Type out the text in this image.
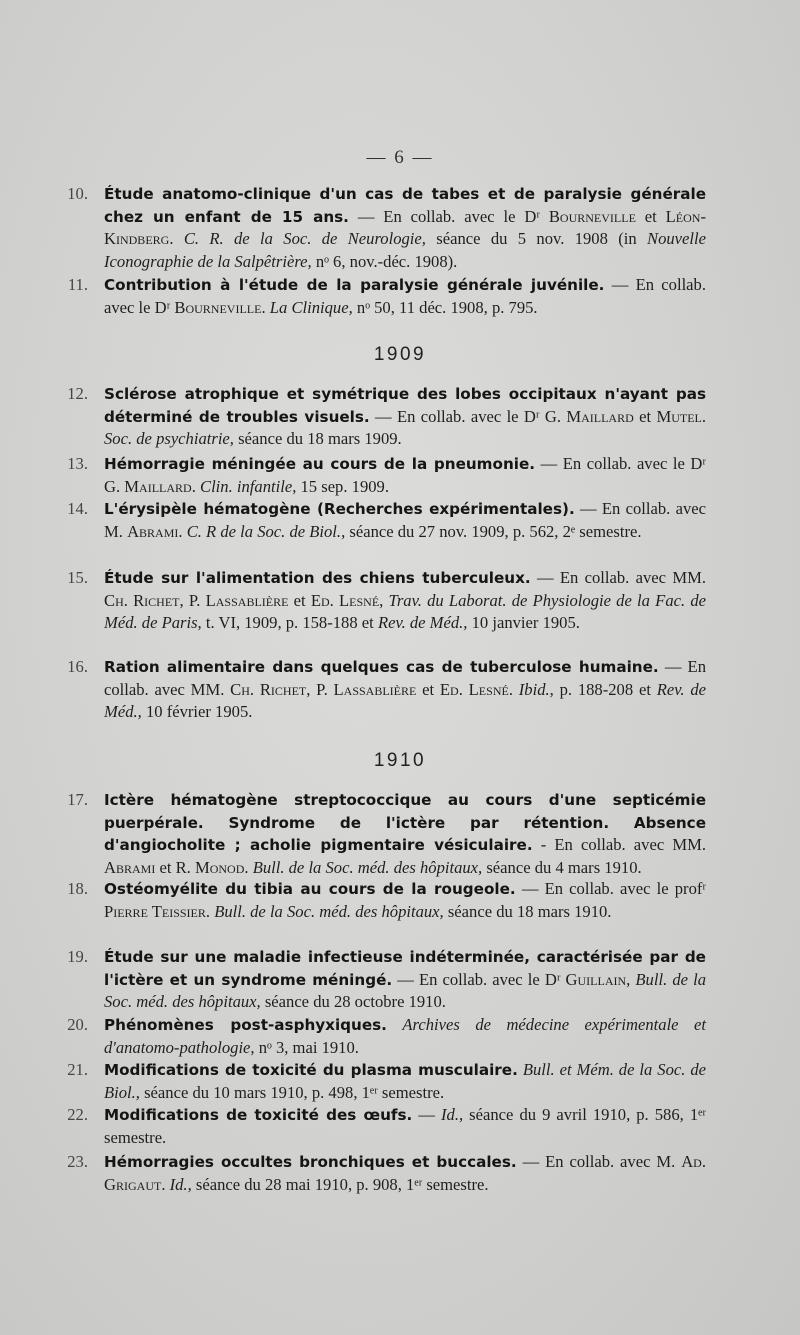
— 6 —
10. Étude anatomo-clinique d'un cas de tabes et de paralysie générale chez un enfant de 15 ans. — En collab. avec le Dʳ Bourneville et Léon-Kindberg. C. R. de la Soc. de Neurologie, séance du 5 nov. 1908 (in Nouvelle Iconographie de la Salpêtrière, nᵒ 6, nov.-déc. 1908).
11. Contribution à l'étude de la paralysie générale juvénile. — En collab. avec le Dʳ Bourneville. La Clinique, nᵒ 50, 11 déc. 1908, p. 795.
1909
12. Sclérose atrophique et symétrique des lobes occipitaux n'ayant pas déterminé de troubles visuels. — En collab. avec le Dʳ G. Maillard et Mutel. Soc. de psychiatrie, séance du 18 mars 1909.
13. Hémorragie méningée au cours de la pneumonie. — En collab. avec le Dʳ G. Maillard. Clin. infantile, 15 sep. 1909.
14. L'érysipèle hématogène (Recherches expérimentales). — En collab. avec M. Abrami. C. R de la Soc. de Biol., séance du 27 nov. 1909, p. 562, 2ᵉ semestre.
15. Étude sur l'alimentation des chiens tuberculeux. — En collab. avec MM. Ch. Richet, P. Lassablière et Ed. Lesné, Trav. du Laborat. de Physiologie de la Fac. de Méd. de Paris, t. VI, 1909, p. 158-188 et Rev. de Méd., 10 janvier 1905.
16. Ration alimentaire dans quelques cas de tuberculose humaine. — En collab. avec MM. Ch. Richet, P. Lassablière et Ed. Lesné. Ibid., p. 188-208 et Rev. de Méd., 10 février 1905.
1910
17. Ictère hématogène streptococcique au cours d'une septicémie puerpérale. Syndrome de l'ictère par rétention. Absence d'angiocholite ; acholie pigmentaire vésiculaire. - En collab. avec MM. Abrami et R. Monod. Bull. de la Soc. méd. des hôpitaux, séance du 4 mars 1910.
18. Ostéomyélite du tibia au cours de la rougeole. — En collab. avec le profʳ Pierre Teissier. Bull. de la Soc. méd. des hôpitaux, séance du 18 mars 1910.
19. Étude sur une maladie infectieuse indéterminée, caractérisée par de l'ictère et un syndrome méningé. — En collab. avec le Dʳ Guillain, Bull. de la Soc. méd. des hôpitaux, séance du 28 octobre 1910.
20. Phénomènes post-asphyxiques. Archives de médecine expérimentale et d'anatomo-pathologie, nᵒ 3, mai 1910.
21. Modifications de toxicité du plasma musculaire. Bull. et Mém. de la Soc. de Biol., séance du 10 mars 1910, p. 498, 1ᵉʳ semestre.
22. Modifications de toxicité des œufs. — Id., séance du 9 avril 1910, p. 586, 1ᵉʳ semestre.
23. Hémorragies occultes bronchiques et buccales. — En collab. avec M. Ad. Grigaut. Id., séance du 28 mai 1910, p. 908, 1ᵉʳ semestre.
